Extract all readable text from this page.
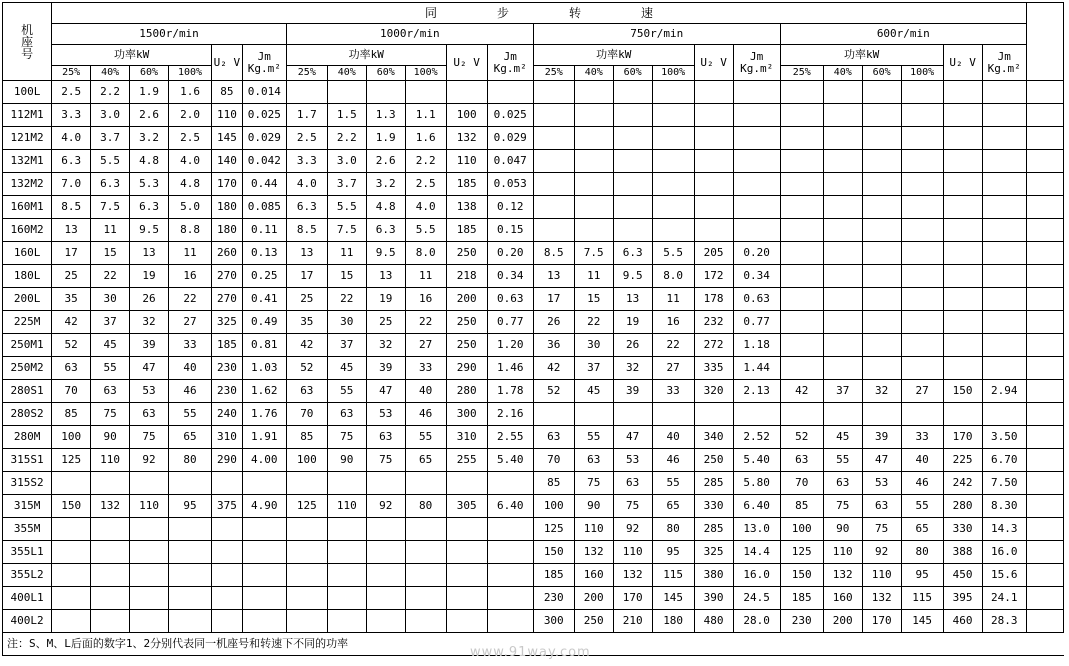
机座号	同步转速																								
	1500r/min						1000r/min						750r/min						600r/min						
	功率kW				U₂ V	Jm Kg.m²	功率kW				U₂ V	Jm Kg.m²	功率kW				U₂ V	Jm Kg.m²	功率kW				U₂ V	Jm Kg.m²	
	25%	40%	60%	100%			25%	40%	60%	100%			25%	40%	60%	100%			25%	40%	60%	100%			
100L	2.5	2.2	1.9	1.6	85	0.014																			
112M1	3.3	3.0	2.6	2.0	110	0.025	1.7	1.5	1.3	1.1	100	0.025													
121M2	4.0	3.7	3.2	2.5	145	0.029	2.5	2.2	1.9	1.6	132	0.029													
132M1	6.3	5.5	4.8	4.0	140	0.042	3.3	3.0	2.6	2.2	110	0.047													
132M2	7.0	6.3	5.3	4.8	170	0.44	4.0	3.7	3.2	2.5	185	0.053													
160M1	8.5	7.5	6.3	5.0	180	0.085	6.3	5.5	4.8	4.0	138	0.12													
160M2	13	11	9.5	8.8	180	0.11	8.5	7.5	6.3	5.5	185	0.15													
160L	17	15	13	11	260	0.13	13	11	9.5	8.0	250	0.20	8.5	7.5	6.3	5.5	205	0.20							
180L	25	22	19	16	270	0.25	17	15	13	11	218	0.34	13	11	9.5	8.0	172	0.34							
200L	35	30	26	22	270	0.41	25	22	19	16	200	0.63	17	15	13	11	178	0.63							
225M	42	37	32	27	325	0.49	35	30	25	22	250	0.77	26	22	19	16	232	0.77							
250M1	52	45	39	33	185	0.81	42	37	32	27	250	1.20	36	30	26	22	272	1.18							
250M2	63	55	47	40	230	1.03	52	45	39	33	290	1.46	42	37	32	27	335	1.44							
280S1	70	63	53	46	230	1.62	63	55	47	40	280	1.78	52	45	39	33	320	2.13	42	37	32	27	150	2.94	
280S2	85	75	63	55	240	1.76	70	63	53	46	300	2.16													
280M	100	90	75	65	310	1.91	85	75	63	55	310	2.55	63	55	47	40	340	2.52	52	45	39	33	170	3.50	
315S1	125	110	92	80	290	4.00	100	90	75	65	255	5.40	70	63	53	46	250	5.40	63	55	47	40	225	6.70	
315S2													85	75	63	55	285	5.80	70	63	53	46	242	7.50	
315M	150	132	110	95	375	4.90	125	110	92	80	305	6.40	100	90	75	65	330	6.40	85	75	63	55	280	8.30	
355M													125	110	92	80	285	13.0	100	90	75	65	330	14.3	
355L1													150	132	110	95	325	14.4	125	110	92	80	388	16.0	
355L2													185	160	132	115	380	16.0	150	132	110	95	450	15.6	
400L1													230	200	170	145	390	24.5	185	160	132	115	395	24.1	
400L2													300	250	210	180	480	28.0	230	200	170	145	460	28.3	
注：S、M、L后面的数字1、2分别代表同一机座号和转速下不同的功率																									
www.91way.com
